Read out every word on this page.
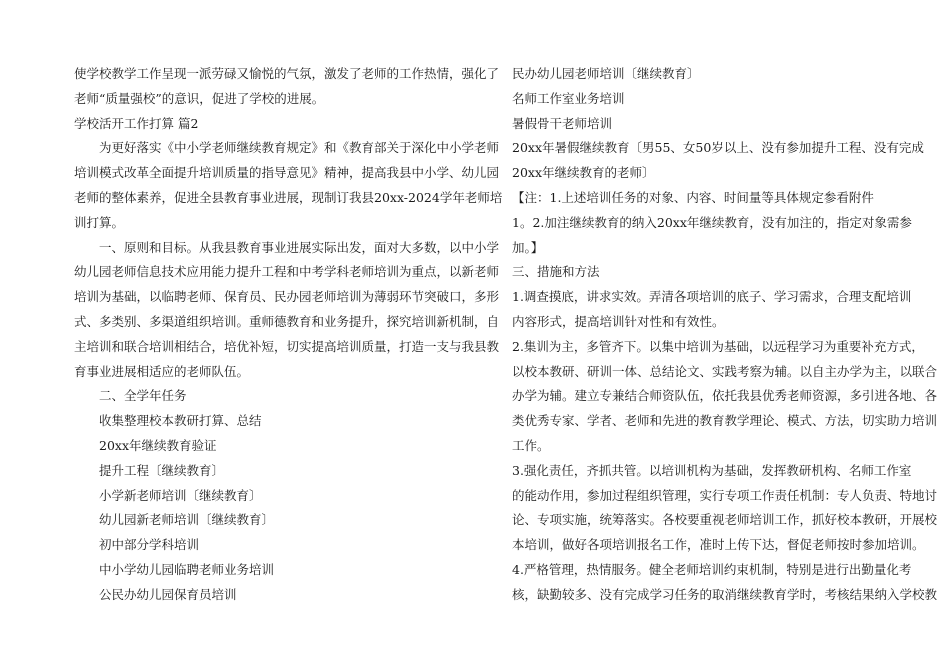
使学校教学工作呈现一派劳碌又愉悦的气氛，激发了老师的工作热情，强化了
老师“质量强校”的意识，促进了学校的进展。
学校活开工作打算 篇2
为更好落实《中小学老师继续教育规定》和《教育部关于深化中小学老师
培训模式改革全面提升培训质量的指导意见》精神，提高我县中小学、幼儿园
老师的整体素养，促进全县教育事业进展，现制订我县20xx-2024学年老师培
训打算。
一、原则和目标。从我县教育事业进展实际出发，面对大多数，以中小学
幼儿园老师信息技术应用能力提升工程和中考学科老师培训为重点，以新老师
培训为基础，以临聘老师、保育员、民办园老师培训为薄弱环节突破口，多形
式、多类别、多渠道组织培训。重师德教育和业务提升，探究培训新机制，自
主培训和联合培训相结合，培优补短，切实提高培训质量，打造一支与我县教
育事业进展相适应的老师队伍。
二、全学年任务
收集整理校本教研打算、总结
20xx年继续教育验证
提升工程〔继续教育〕
小学新老师培训〔继续教育〕
幼儿园新老师培训〔继续教育〕
初中部分学科培训
中小学幼儿园临聘老师业务培训
公民办幼儿园保育员培训
民办幼儿园老师培训〔继续教育〕
名师工作室业务培训
暑假骨干老师培训
20xx年暑假继续教育〔男55、女50岁以上、没有参加提升工程、没有完成
20xx年继续教育的老师〕
【注：1.上述培训任务的对象、内容、时间量等具体规定参看附件
1。2.加注继续教育的纳入20xx年继续教育，没有加注的，指定对象需参
加。】
三、措施和方法
1.调查摸底，讲求实效。弄清各项培训的底子、学习需求，合理支配培训
内容形式，提高培训针对性和有效性。
2.集训为主，多管齐下。以集中培训为基础，以远程学习为重要补充方式，
以校本教研、研训一体、总结论文、实践考察为辅。以自主办学为主，以联合
办学为辅。建立专兼结合师资队伍，依托我县优秀老师资源，多引进各地、各
类优秀专家、学者、老师和先进的教育教学理论、模式、方法，切实助力培训
工作。
3.强化责任，齐抓共管。以培训机构为基础，发挥教研机构、名师工作室
的能动作用，参加过程组织管理，实行专项工作责任机制：专人负责、特地讨
论、专项实施，统筹落实。各校要重视老师培训工作，抓好校本教研，开展校
本培训，做好各项培训报名工作，准时上传下达，督促老师按时参加培训。
4.严格管理，热情服务。健全老师培训约束机制，特别是进行出勤量化考
核，缺勤较多、没有完成学习任务的取消继续教育学时，考核结果纳入学校教
